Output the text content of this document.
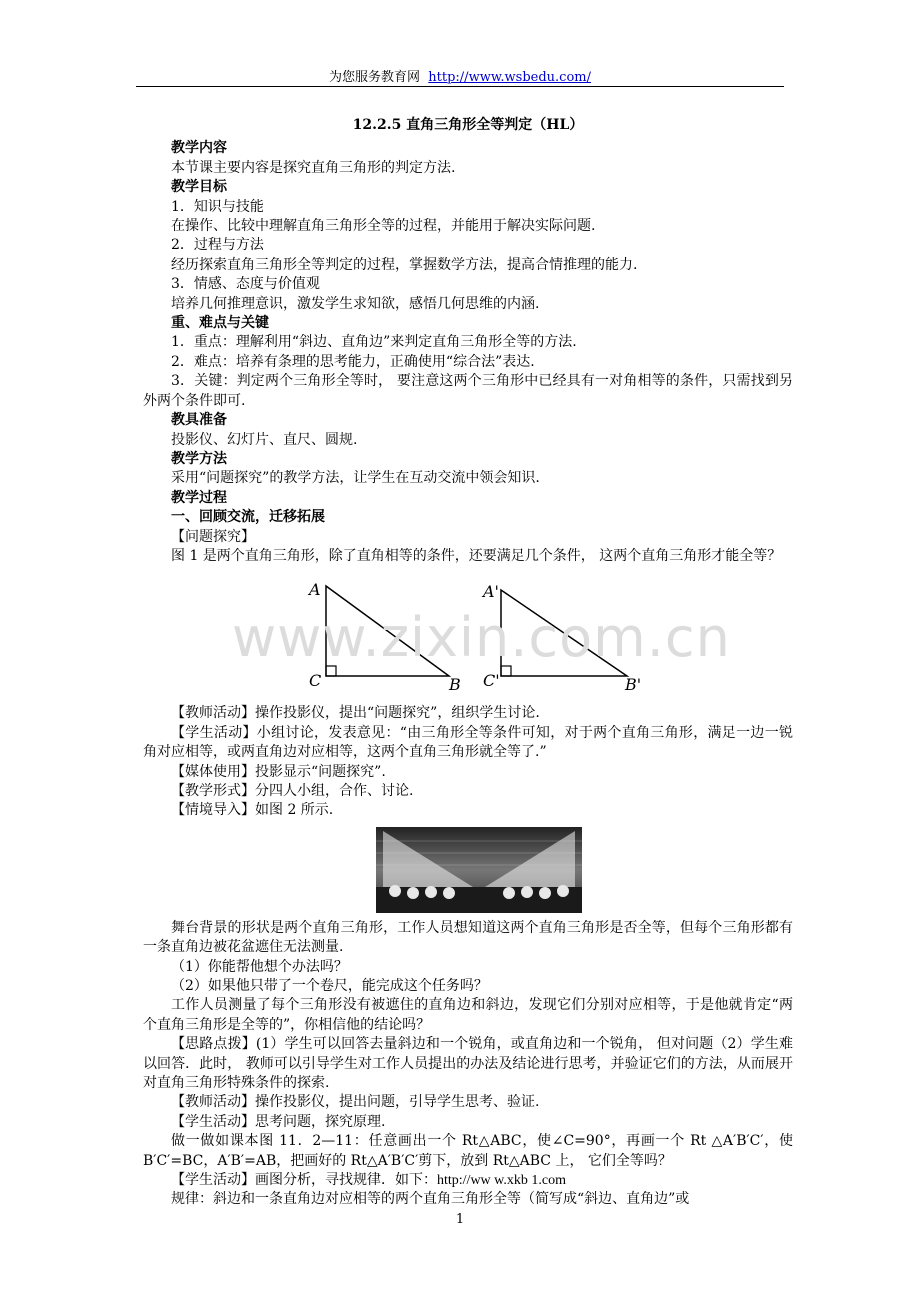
为您服务教育网 http://www.wsbedu.com/
12.2.5 直角三角形全等判定（HL）
教学内容
本节课主要内容是探究直角三角形的判定方法.
教学目标
1．知识与技能
在操作、比较中理解直角三角形全等的过程，并能用于解决实际问题.
2．过程与方法
经历探索直角三角形全等判定的过程，掌握数学方法，提高合情推理的能力.
3．情感、态度与价值观
培养几何推理意识，激发学生求知欲，感悟几何思维的内涵.
重、难点与关键
1．重点：理解利用“斜边、直角边”来判定直角三角形全等的方法.
2．难点：培养有条理的思考能力，正确使用“综合法”表达.
3．关键：判定两个三角形全等时， 要注意这两个三角形中已经具有一对角相等的条件，只需找到另外两个条件即可.
教具准备
投影仪、幻灯片、直尺、圆规.
教学方法
采用“问题探究”的教学方法，让学生在互动交流中领会知识.
教学过程
一、回顾交流，迁移拓展
【问题探究】
图 1 是两个直角三角形，除了直角相等的条件，还要满足几个条件， 这两个直角三角形才能全等？
A
C	B
A'
C'	B'
【教师活动】操作投影仪，提出“问题探究”，组织学生讨论.
【学生活动】小组讨论，发表意见：“由三角形全等条件可知，对于两个直角三角形，满足一边一锐角对应相等，或两直角边对应相等，这两个直角三角形就全等了.”
【媒体使用】投影显示“问题探究”.
【教学形式】分四人小组，合作、讨论.
【情境导入】如图 2 所示.
舞台背景的形状是两个直角三角形，工作人员想知道这两个直角三角形是否全等，但每个三角形都有一条直角边被花盆遮住无法测量.
（1）你能帮他想个办法吗？
（2）如果他只带了一个卷尺，能完成这个任务吗？
工作人员测量了每个三角形没有被遮住的直角边和斜边，发现它们分别对应相等，于是他就肯定“两个直角三角形是全等的”，你相信他的结论吗？
【思路点拨】(1）学生可以回答去量斜边和一个锐角，或直角边和一个锐角， 但对问题（2）学生难以回答．此时， 教师可以引导学生对工作人员提出的办法及结论进行思考，并验证它们的方法，从而展开对直角三角形特殊条件的探索.
【教师活动】操作投影仪，提出问题，引导学生思考、验证.
【学生活动】思考问题，探究原理.
做一做如课本图 11．2—11：任意画出一个 Rt△ABC，使∠C=90°，再画一个 Rt △A′B′C′，使 B′C′=BC，A′B′=AB，把画好的 Rt△A′B′C′剪下，放到 Rt△ABC 上， 它们全等吗？
【学生活动】画图分析，寻找规律．如下：http://ww w.xkb 1.com
规律：斜边和一条直角边对应相等的两个直角三角形全等（简写成“斜边、直角边”或
www.zixin.com.cn
1
